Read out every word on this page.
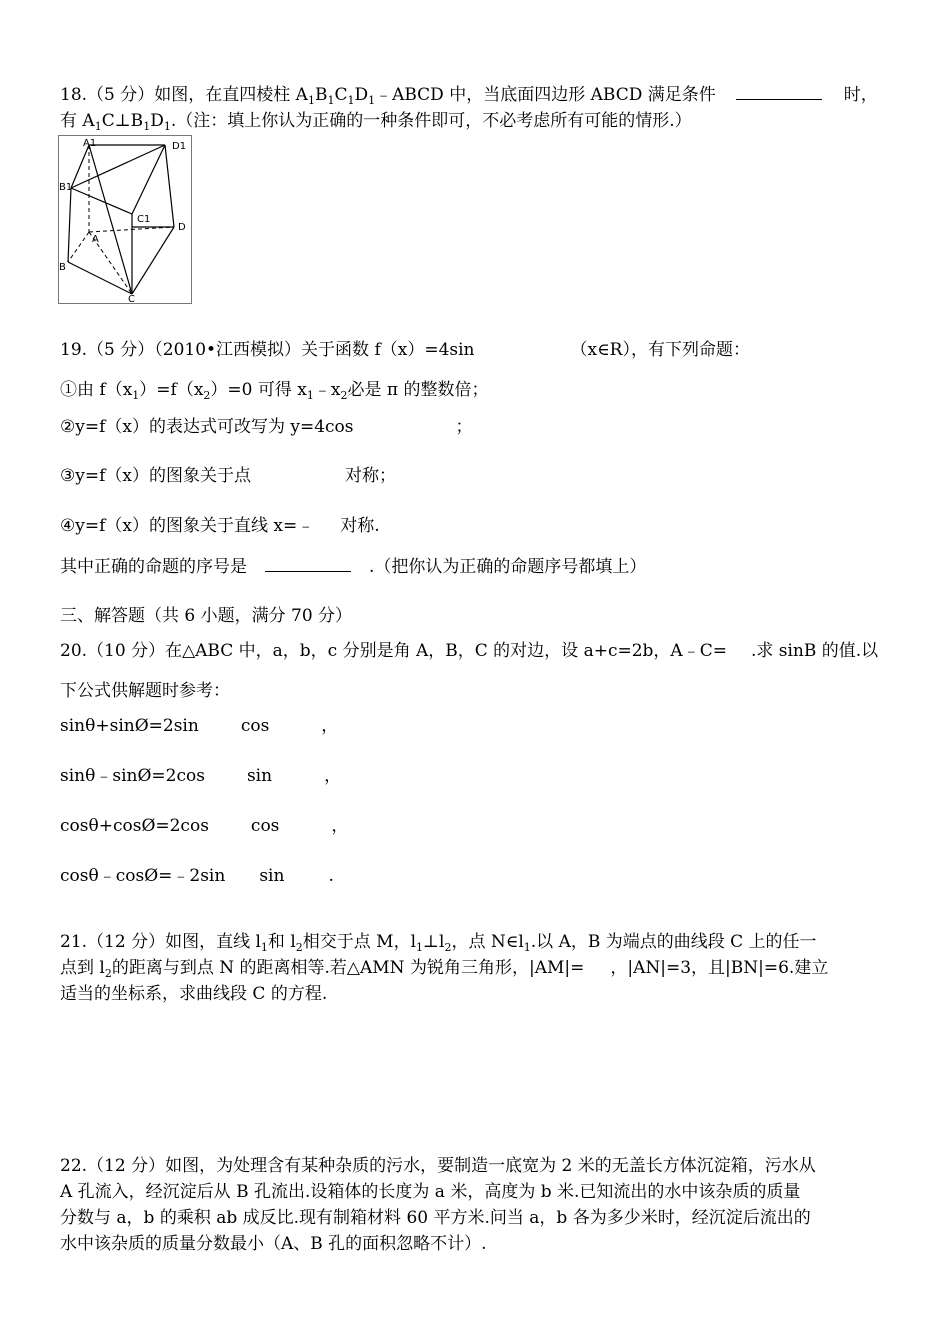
18.（5 分）如图，在直四棱柱 $A_1B_1C_1D_1﹣ABCD$ 中，当底面四边形 ABCD 满足条件	时，
有 $A_1C\perp B_1D_1$.（注：填上你认为正确的一种条件即可，不必考虑所有可能的情形.）
A1	D1
B1
C1
D
A
B
C
19.（5 分）（2010•江西模拟）关于函数 f（x）=4sin	（x∈R），有下列命题：
①由 $f(x_1)=f(x_2)=0$ 可得 $x_1﹣x_2$必是 π 的整数倍；
②y=f（x）的表达式可改写为 y=4cos	；
③y=f（x）的图象关于点	对称；
④y=f（x）的图象关于直线 x=﹣ 对称.
其中正确的命题的序号是	.（把你认为正确的命题序号都填上）
三、解答题（共 6 小题，满分 70 分）
20.（10 分）在△ABC 中，a，b，c 分别是角 A，B，C 的对边，设 a+c=2b，A﹣C= .求 sinB 的值.以
下公式供解题时参考：
sinθ+sinØ=2sin cos	，
sinθ﹣sinØ=2cos sin	，
cosθ+cosØ=2cos cos	，
cosθ﹣cosØ=﹣2sin sin	.
21.（12 分）如图，直线 $l_1$和 $l_2$相交于点 M，$l_1\perp l_2$，点 $N\in l_1$.以 A，B 为端点的曲线段 C 上的任一
点到 $l_2$的距离与到点 N 的距离相等.若△AMN 为锐角三角形，|AM|= ，|AN|=3，且|BN|=6.建立
适当的坐标系，求曲线段 C 的方程.
22.（12 分）如图，为处理含有某种杂质的污水，要制造一底宽为 2 米的无盖长方体沉淀箱，污水从
A 孔流入，经沉淀后从 B 孔流出.设箱体的长度为 a 米，高度为 b 米.已知流出的水中该杂质的质量
分数与 a，b 的乘积 ab 成反比.现有制箱材料 60 平方米.问当 a，b 各为多少米时，经沉淀后流出的
水中该杂质的质量分数最小（A、B 孔的面积忽略不计）.
